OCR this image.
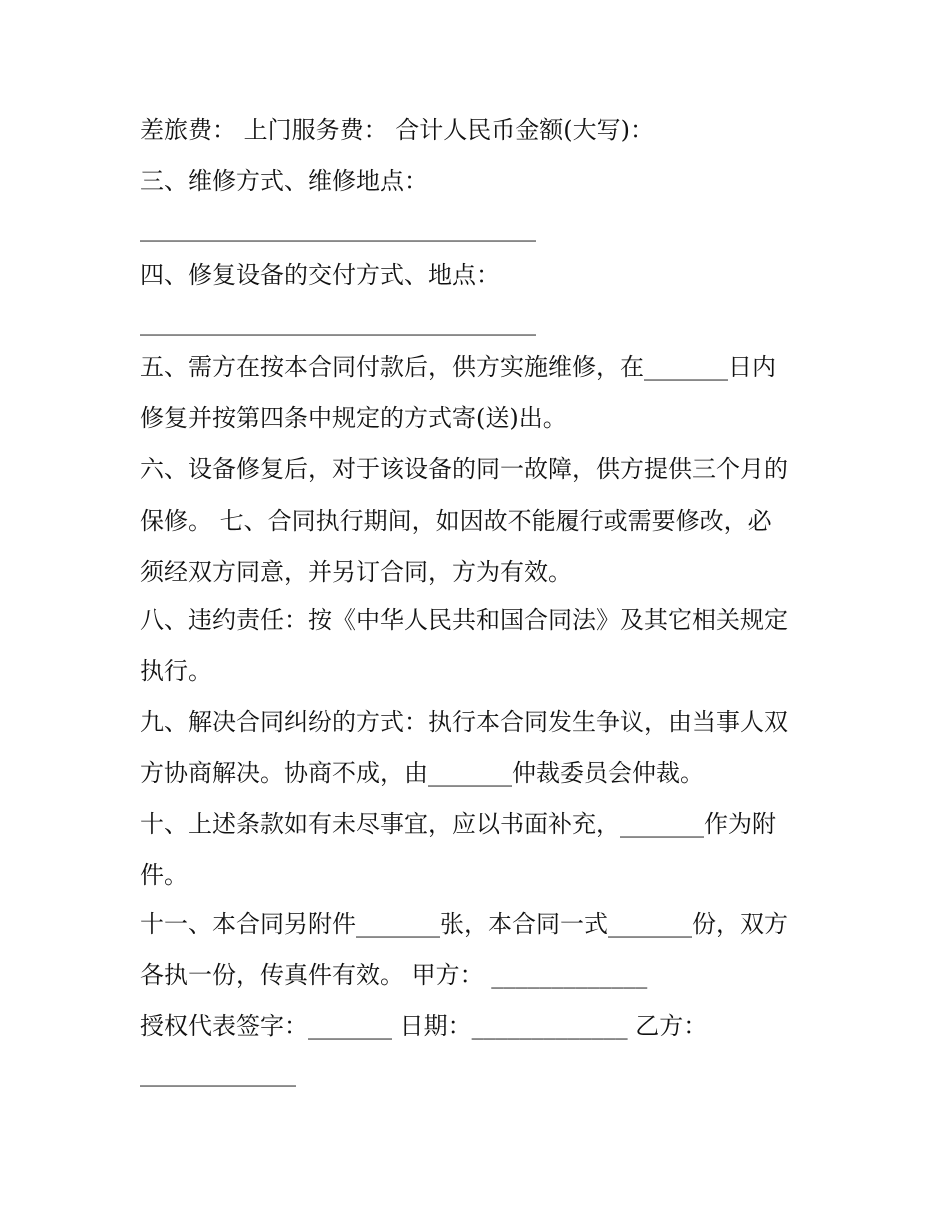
差旅费： 上门服务费： 合计人民币金额(大写)：

三、维修方式、维修地点：

_________________________________

四、修复设备的交付方式、地点：

_________________________________

五、需方在按本合同付款后，供方实施维修，在_______日内

修复并按第四条中规定的方式寄(送)出。

六、设备修复后，对于该设备的同一故障，供方提供三个月的

保修。 七、合同执行期间，如因故不能履行或需要修改，必

须经双方同意，并另订合同，方为有效。

八、违约责任：按《中华人民共和国合同法》及其它相关规定

执行。

九、解决合同纠纷的方式：执行本合同发生争议，由当事人双

方协商解决。协商不成，由_______仲裁委员会仲裁。

十、上述条款如有未尽事宜，应以书面补充，_______作为附

件。

十一、本合同另附件_______张，本合同一式_______份，双方

各执一份，传真件有效。 甲方： _____________

授权代表签字：_______ 日期：_____________ 乙方：

_____________
